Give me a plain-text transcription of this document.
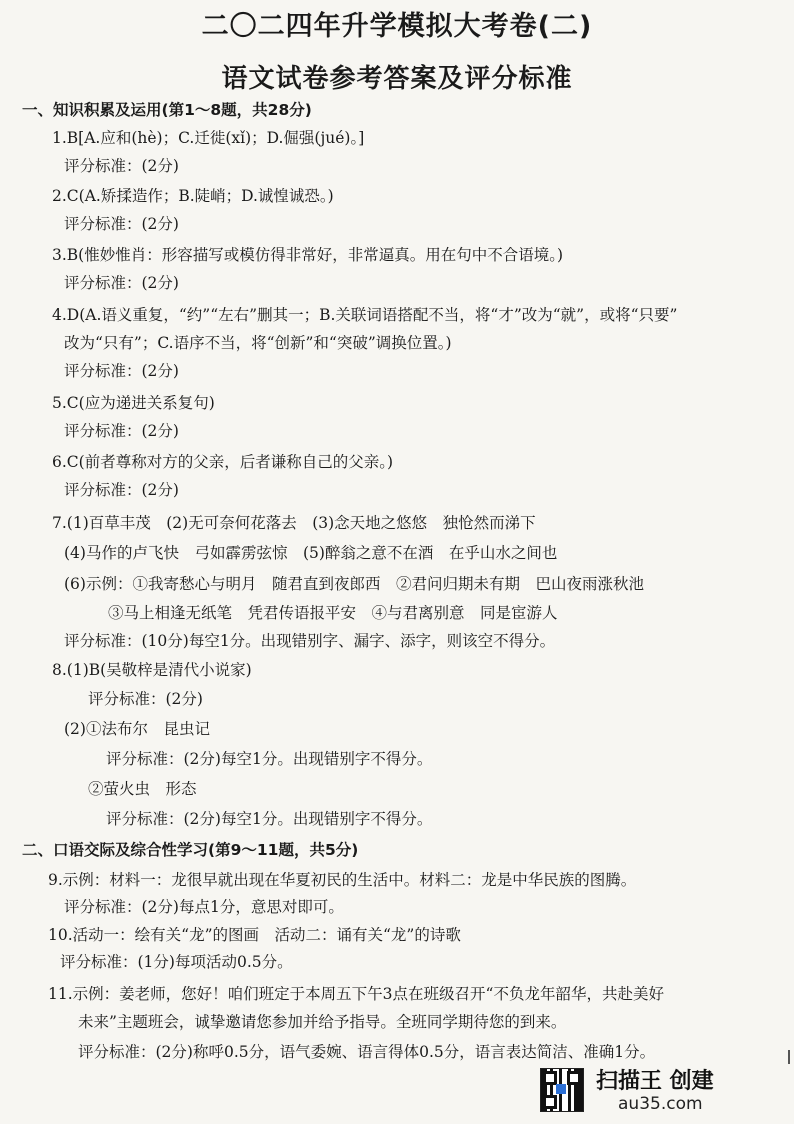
二〇二四年升学模拟大考卷(二)
语文试卷参考答案及评分标准
一、知识积累及运用(第1～8题，共28分)
1.B[A.应和(hè)；C.迁徙(xǐ)；D.倔强(jué)。]
评分标准：(2分)
2.C(A.矫揉造作；B.陡峭；D.诚惶诚恐。)
评分标准：(2分)
3.B(惟妙惟肖：形容描写或模仿得非常好，非常逼真。用在句中不合语境。)
评分标准：(2分)
4.D(A.语义重复，“约”“左右”删其一；B.关联词语搭配不当，将“才”改为“就”，或将“只要”
改为“只有”；C.语序不当，将“创新”和“突破”调换位置。)
评分标准：(2分)
5.C(应为递进关系复句)
评分标准：(2分)
6.C(前者尊称对方的父亲，后者谦称自己的父亲。)
评分标准：(2分)
7.(1)百草丰茂　(2)无可奈何花落去　(3)念天地之悠悠　独怆然而涕下
(4)马作的卢飞快　弓如霹雳弦惊　(5)醉翁之意不在酒　在乎山水之间也
(6)示例：①我寄愁心与明月　随君直到夜郎西　②君问归期未有期　巴山夜雨涨秋池
③马上相逢无纸笔　凭君传语报平安　④与君离别意　同是宦游人
评分标准：(10分)每空1分。出现错别字、漏字、添字，则该空不得分。
8.(1)B(吴敬梓是清代小说家)
评分标准：(2分)
(2)①法布尔　昆虫记
评分标准：(2分)每空1分。出现错别字不得分。
②萤火虫　形态
评分标准：(2分)每空1分。出现错别字不得分。
二、口语交际及综合性学习(第9～11题，共5分)
9.示例：材料一：龙很早就出现在华夏初民的生活中。材料二：龙是中华民族的图腾。
评分标准：(2分)每点1分，意思对即可。
10.活动一：绘有关“龙”的图画　活动二：诵有关“龙”的诗歌
评分标准：(1分)每项活动0.5分。
11.示例：姜老师，您好！咱们班定于本周五下午3点在班级召开“不负龙年韶华，共赴美好
未来”主题班会，诚挚邀请您参加并给予指导。全班同学期待您的到来。
评分标准：(2分)称呼0.5分，语气委婉、语言得体0.5分，语言表达简洁、准确1分。
扫描王 创建
au35.com
